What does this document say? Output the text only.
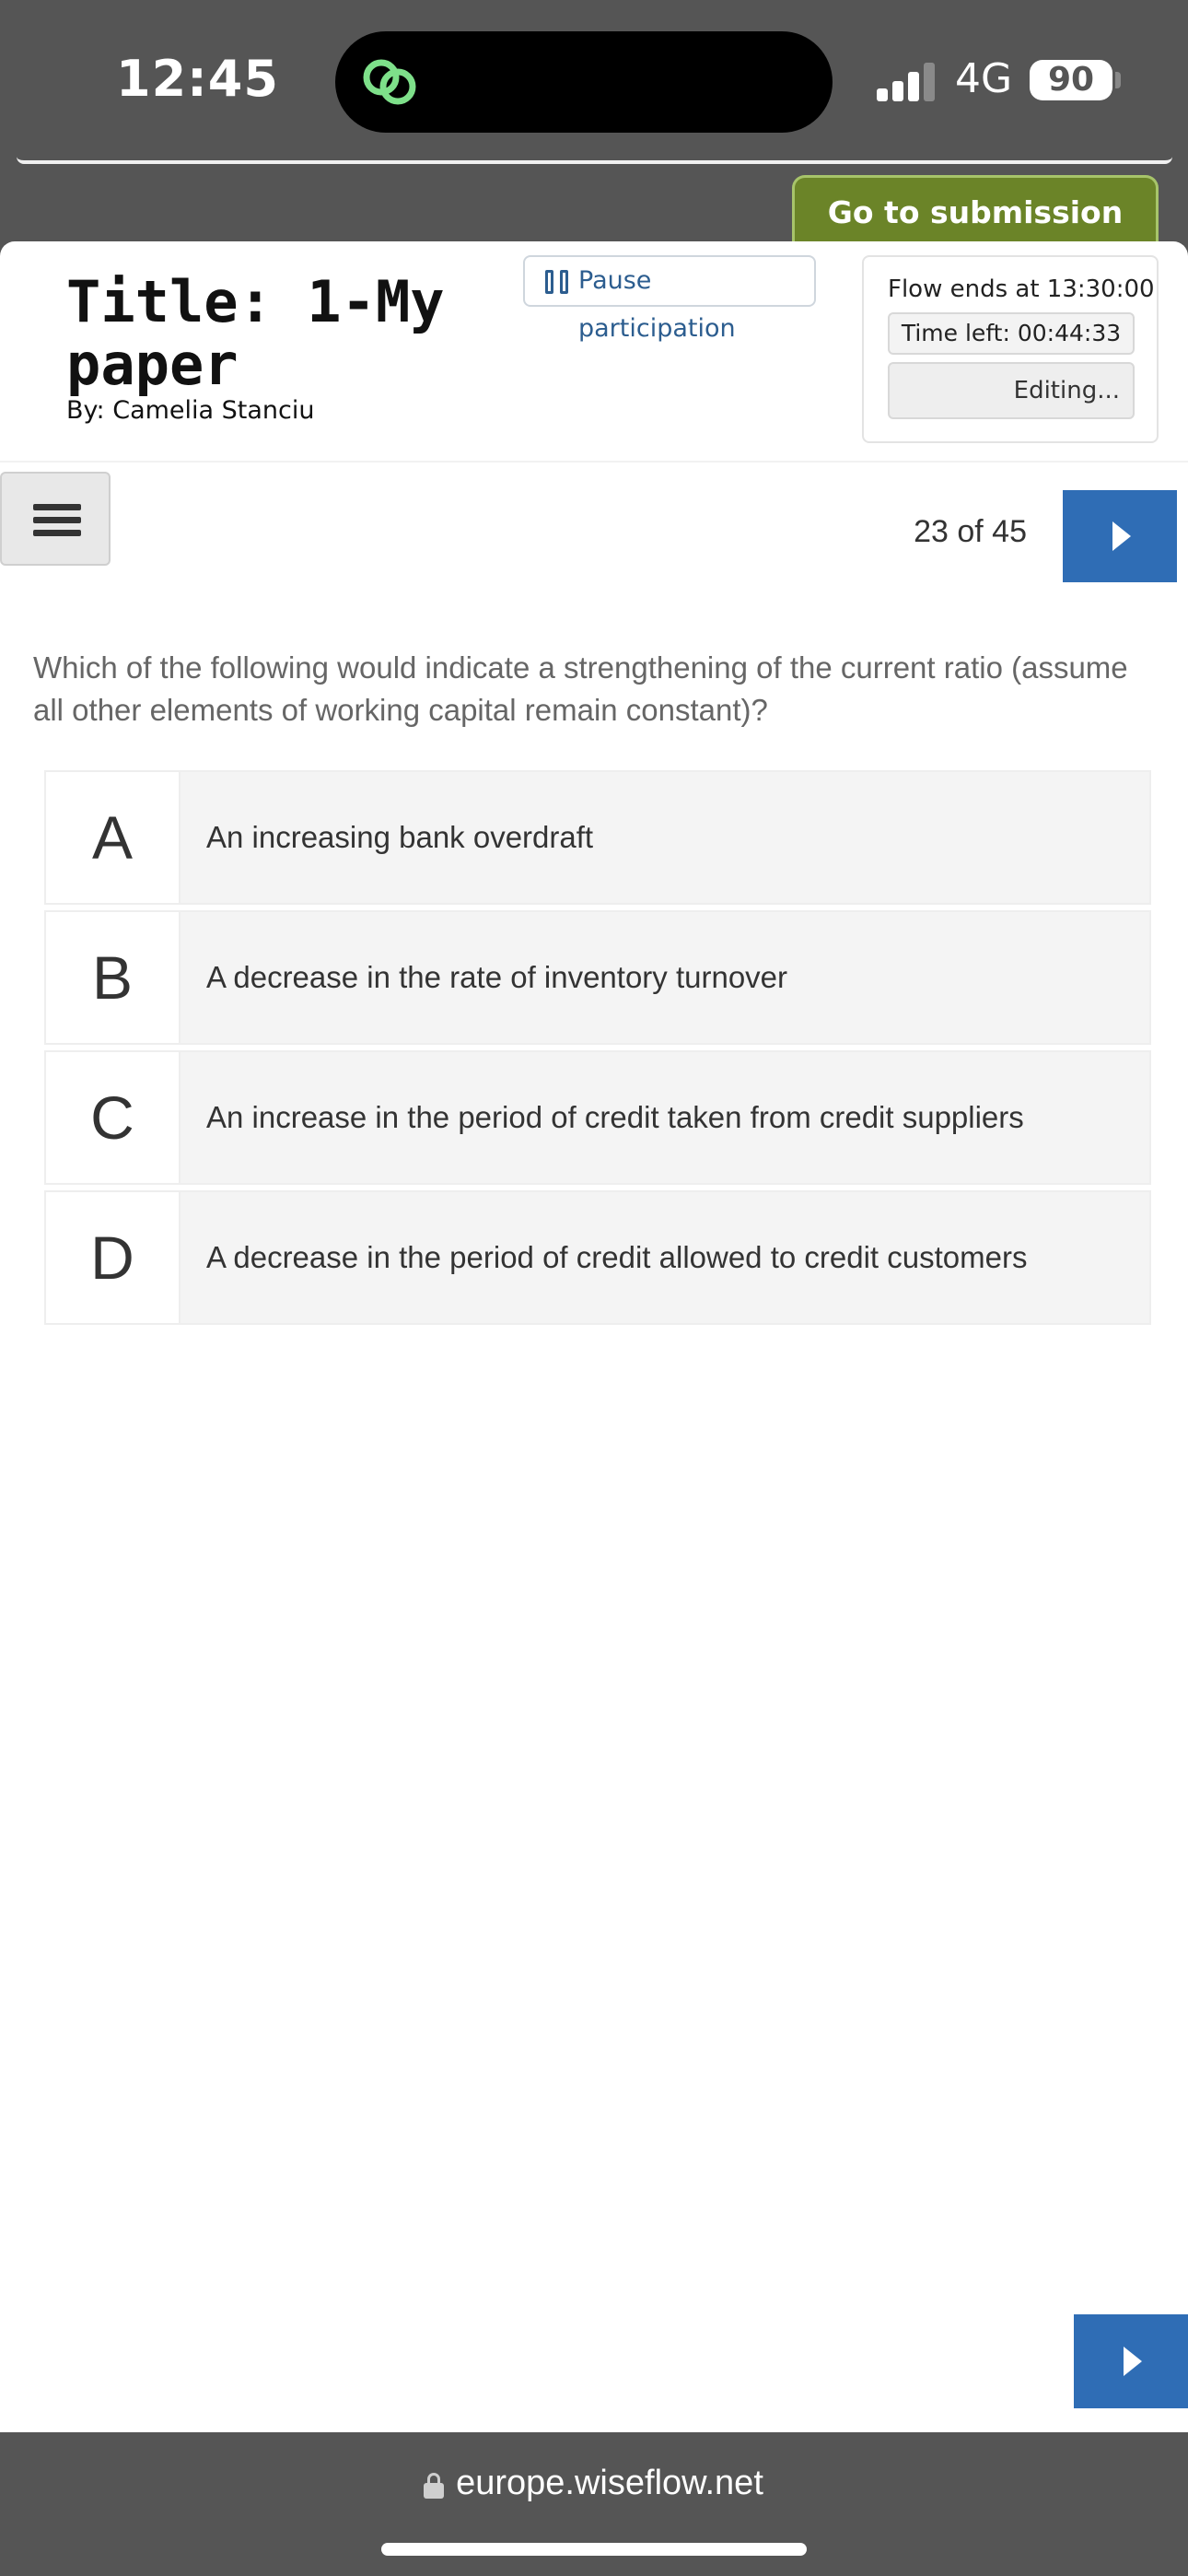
12:45	4G	90
Go to submission
Title: 1-My paper
By: Camelia Stanciu
Pause participation
Flow ends at 13:30:00
Time left: 00:44:33
Editing...
23 of 45
Which of the following would indicate a strengthening of the current ratio (assume all other elements of working capital remain constant)?
A	An increasing bank overdraft
B	A decrease in the rate of inventory turnover
C	An increase in the period of credit taken from credit suppliers
D	A decrease in the period of credit allowed to credit customers
europe.wiseflow.net
